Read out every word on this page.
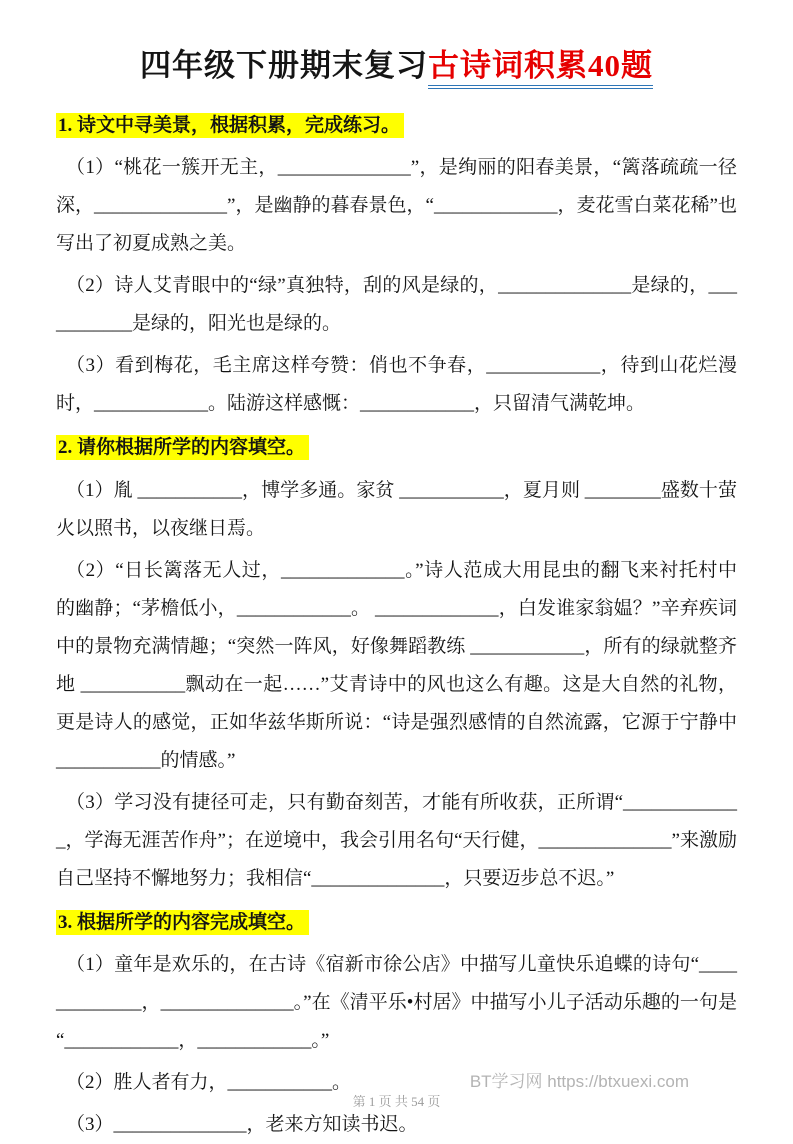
四年级下册期末复习古诗词积累40题
1. 诗文中寻美景，根据积累，完成练习。

（1）“桃花一簇开无主，______________”，是绚丽的阳春美景，“篱落疏疏一径深，______________”，是幽静的暮春景色，“_____________，麦花雪白菜花稀”也写出了初夏成熟之美。

（2）诗人艾青眼中的“绿”真独特，刮的风是绿的，______________是绿的，___________是绿的，阳光也是绿的。

（3）看到梅花，毛主席这样夸赞：俏也不争春，____________，待到山花烂漫时，____________。陆游这样感慨：____________，只留清气满乾坤。

2. 请你根据所学的内容填空。

（1）胤 ___________，博学多通。家贫 ___________，夏月则 ________盛数十萤火以照书，以夜继日焉。

（2）“日长篱落无人过，_____________。”诗人范成大用昆虫的翻飞来衬托村中的幽静；“茅檐低小，____________。 _____________，白发谁家翁媪？”辛弃疾词中的景物充满情趣；“突然一阵风，好像舞蹈教练 ____________，所有的绿就整齐地 ___________飘动在一起……”艾青诗中的风也这么有趣。这是大自然的礼物，更是诗人的感觉，正如华兹华斯所说：“诗是强烈感情的自然流露，它源于宁静中 ___________的情感。”

（3）学习没有捷径可走，只有勤奋刻苦，才能有所收获，正所谓“_____________，学海无涯苦作舟”；在逆境中，我会引用名句“天行健，______________”来激励自己坚持不懈地努力；我相信“______________，只要迈步总不迟。”

3. 根据所学的内容完成填空。

（1）童年是欢乐的，在古诗《宿新市徐公店》中描写儿童快乐追蝶的诗句“_____________，______________。”在《清平乐•村居》中描写小儿子活动乐趣的一句是“____________，____________。”

（2）胜人者有力，___________。

（3）______________，老来方知读书迟。

BT学习网 https://btxuexi.com
第 1 页 共 54 页
